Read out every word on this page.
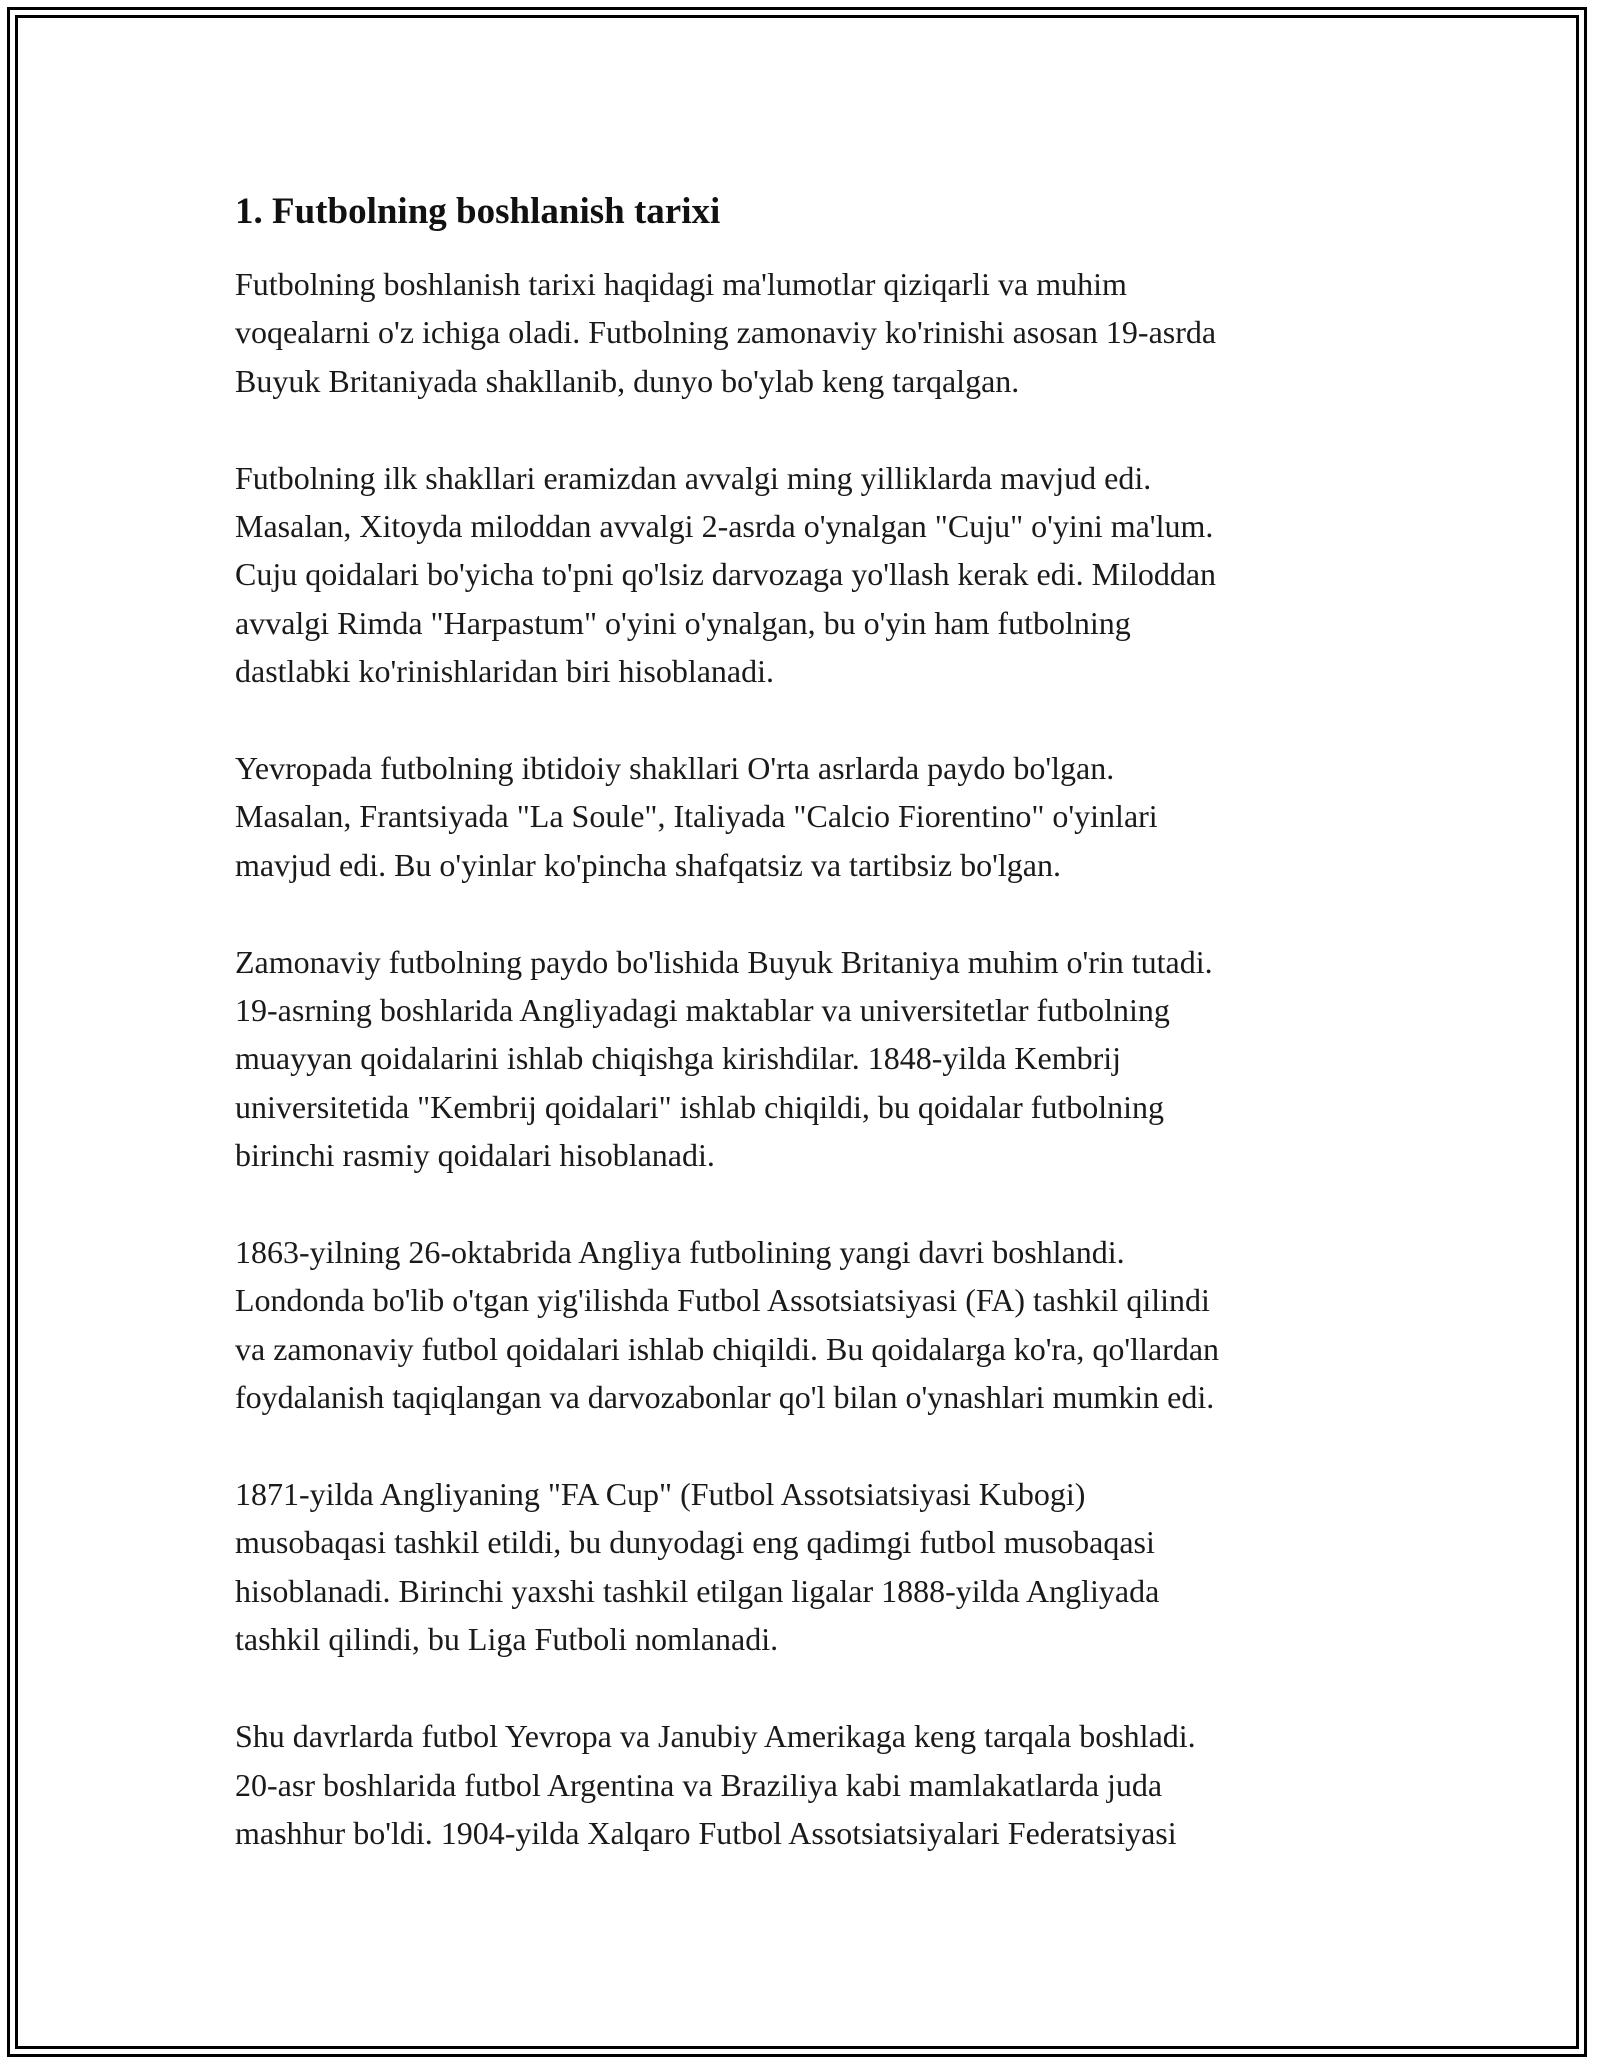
1. Futbolning boshlanish tarixi
Futbolning boshlanish tarixi haqidagi ma'lumotlar qiziqarli va muhim
voqealarni o'z ichiga oladi. Futbolning zamonaviy ko'rinishi asosan 19-asrda
Buyuk Britaniyada shakllanib, dunyo bo'ylab keng tarqalgan.
Futbolning ilk shakllari eramizdan avvalgi ming yilliklarda mavjud edi.
Masalan, Xitoyda miloddan avvalgi 2-asrda o'ynalgan "Cuju" o'yini ma'lum.
Cuju qoidalari bo'yicha to'pni qo'lsiz darvozaga yo'llash kerak edi. Miloddan
avvalgi Rimda "Harpastum" o'yini o'ynalgan, bu o'yin ham futbolning
dastlabki ko'rinishlaridan biri hisoblanadi.
Yevropada futbolning ibtidoiy shakllari O'rta asrlarda paydo bo'lgan.
Masalan, Frantsiyada "La Soule", Italiyada "Calcio Fiorentino" o'yinlari
mavjud edi. Bu o'yinlar ko'pincha shafqatsiz va tartibsiz bo'lgan.
Zamonaviy futbolning paydo bo'lishida Buyuk Britaniya muhim o'rin tutadi.
19-asrning boshlarida Angliyadagi maktablar va universitetlar futbolning
muayyan qoidalarini ishlab chiqishga kirishdilar. 1848-yilda Kembrij
universitetida "Kembrij qoidalari" ishlab chiqildi, bu qoidalar futbolning
birinchi rasmiy qoidalari hisoblanadi.
1863-yilning 26-oktabrida Angliya futbolining yangi davri boshlandi.
Londonda bo'lib o'tgan yig'ilishda Futbol Assotsiatsiyasi (FA) tashkil qilindi
va zamonaviy futbol qoidalari ishlab chiqildi. Bu qoidalarga ko'ra, qo'llardan
foydalanish taqiqlangan va darvozabonlar qo'l bilan o'ynashlari mumkin edi.
1871-yilda Angliyaning "FA Cup" (Futbol Assotsiatsiyasi Kubogi)
musobaqasi tashkil etildi, bu dunyodagi eng qadimgi futbol musobaqasi
hisoblanadi. Birinchi yaxshi tashkil etilgan ligalar 1888-yilda Angliyada
tashkil qilindi, bu Liga Futboli nomlanadi.
Shu davrlarda futbol Yevropa va Janubiy Amerikaga keng tarqala boshladi.
20-asr boshlarida futbol Argentina va Braziliya kabi mamlakatlarda juda
mashhur bo'ldi. 1904-yilda Xalqaro Futbol Assotsiatsiyalari Federatsiyasi
